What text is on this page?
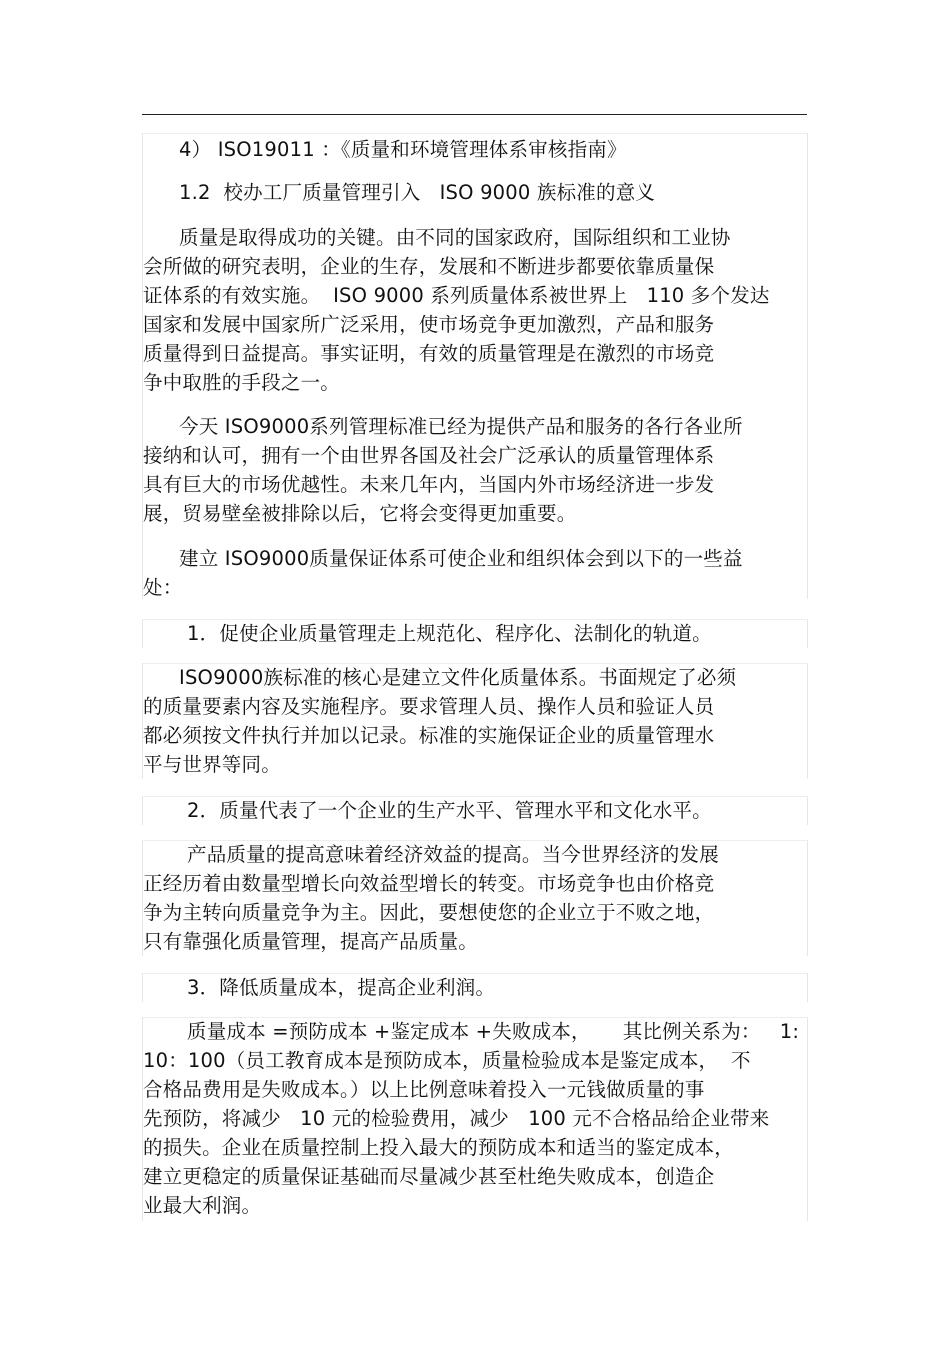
4） ISO19011 ：《质量和环境管理体系审核指南》
1.2  校办工厂质量管理引入   ISO 9000 族标准的意义
质量是取得成功的关键。由不同的国家政府，国际组织和工业协
会所做的研究表明，企业的生存，发展和不断进步都要依靠质量保
证体系的有效实施。  ISO 9000 系列质量体系被世界上   110 多个发达
国家和发展中国家所广泛采用，使市场竞争更加激烈，产品和服务
质量得到日益提高。事实证明，有效的质量管理是在激烈的市场竞
争中取胜的手段之一。
今天 ISO9000系列管理标准已经为提供产品和服务的各行各业所
接纳和认可，拥有一个由世界各国及社会广泛承认的质量管理体系
具有巨大的市场优越性。未来几年内，当国内外市场经济进一步发
展，贸易壁垒被排除以后，它将会变得更加重要。
建立 ISO9000质量保证体系可使企业和组织体会到以下的一些益
处：
1．促使企业质量管理走上规范化、程序化、法制化的轨道。
ISO9000族标准的核心是建立文件化质量体系。书面规定了必须
的质量要素内容及实施程序。要求管理人员、操作人员和验证人员
都必须按文件执行并加以记录。标准的实施保证企业的质量管理水
平与世界等同。
2．质量代表了一个企业的生产水平、管理水平和文化水平。
产品质量的提高意味着经济效益的提高。当今世界经济的发展
正经历着由数量型增长向效益型增长的转变。市场竞争也由价格竞
争为主转向质量竞争为主。因此，要想使您的企业立于不败之地，
只有靠强化质量管理，提高产品质量。
3．降低质量成本，提高企业利润。
质量成本 =预防成本 +鉴定成本 +失败成本，     其比例关系为：   1:
10：100（员工教育成本是预防成本，质量检验成本是鉴定成本，  不
合格品费用是失败成本。）以上比例意味着投入一元钱做质量的事
先预防，将减少   10 元的检验费用，减少   100 元不合格品给企业带来
的损失。企业在质量控制上投入最大的预防成本和适当的鉴定成本，
建立更稳定的质量保证基础而尽量减少甚至杜绝失败成本，创造企
业最大利润。
